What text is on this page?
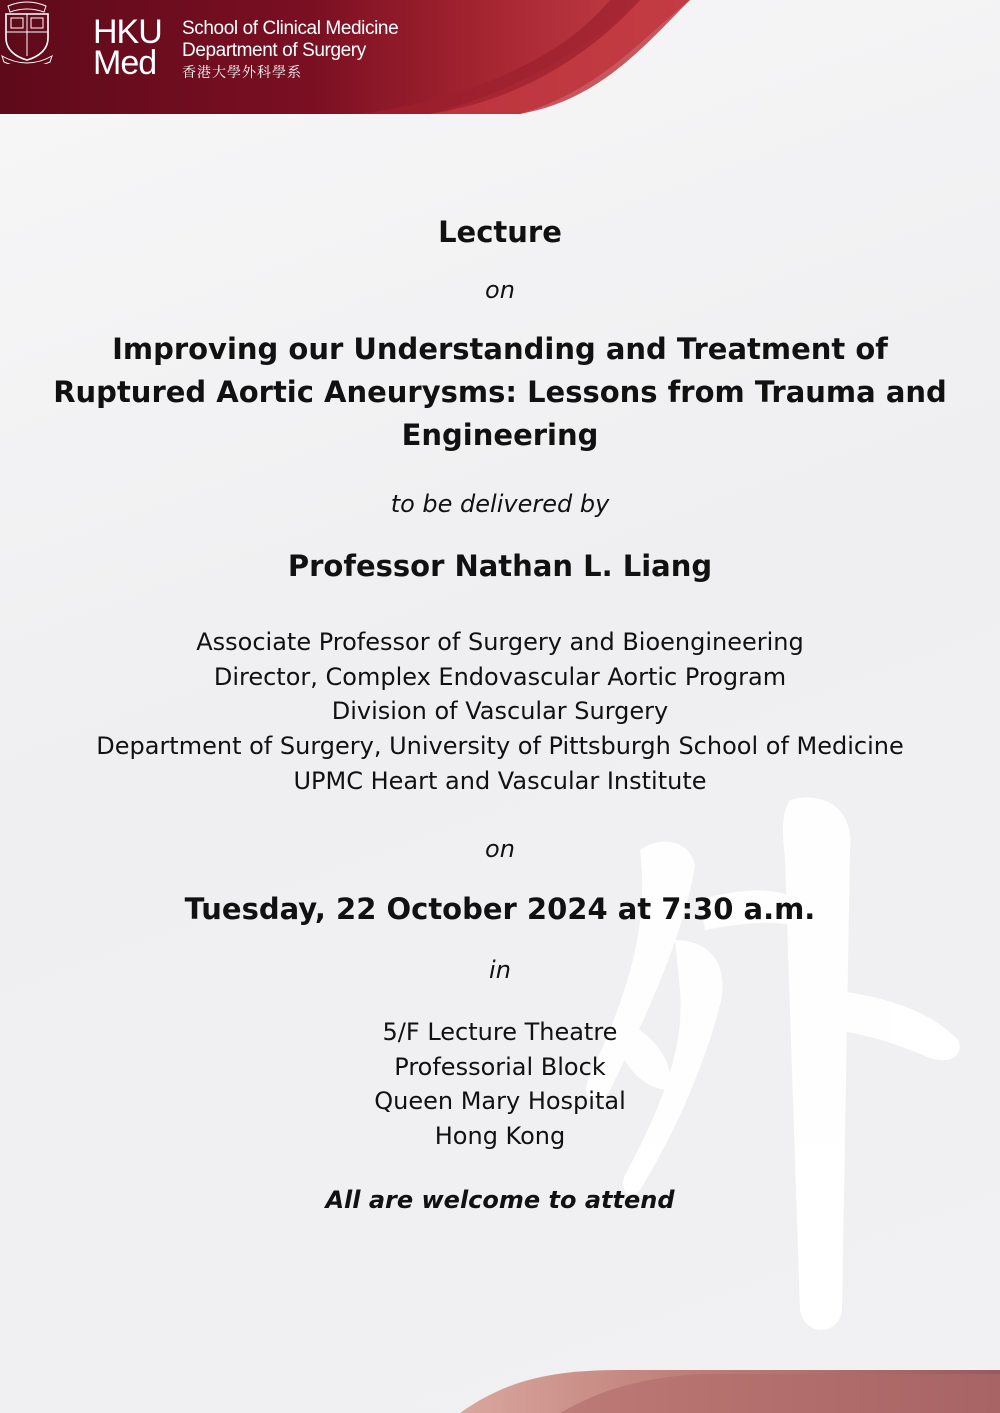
HKU
Med
School of Clinical Medicine
Department of Surgery
香港大學外科學系
Lecture
on
Improving our Understanding and Treatment of
Ruptured Aortic Aneurysms: Lessons from Trauma and
Engineering
to be delivered by
Professor Nathan L. Liang
Associate Professor of Surgery and Bioengineering
Director, Complex Endovascular Aortic Program
Division of Vascular Surgery
Department of Surgery, University of Pittsburgh School of Medicine
UPMC Heart and Vascular Institute
on
Tuesday, 22 October 2024 at 7:30 a.m.
in
5/F Lecture Theatre
Professorial Block
Queen Mary Hospital
Hong Kong
All are welcome to attend
